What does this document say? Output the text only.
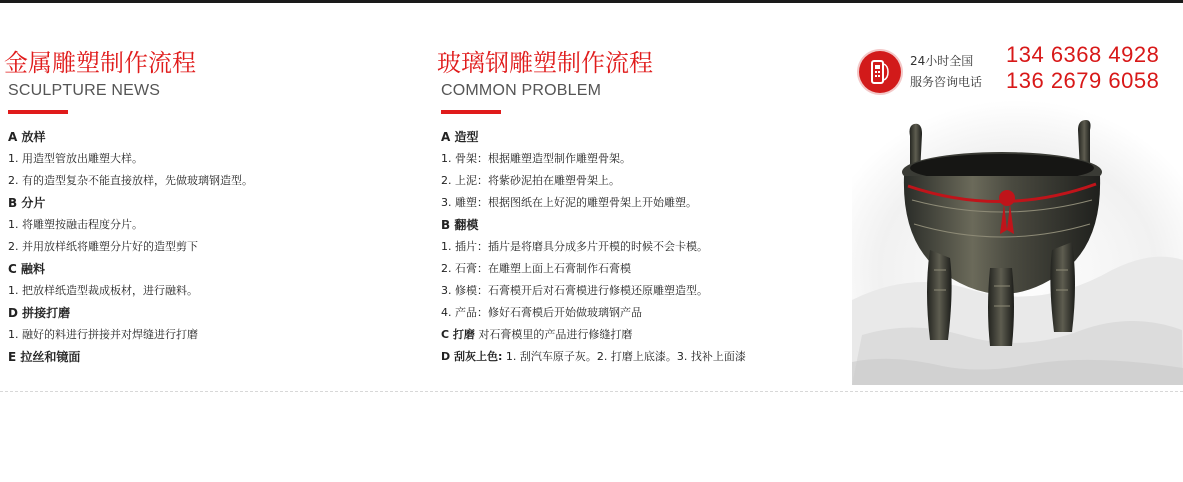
金属雕塑制作流程
SCULPTURE NEWS
A 放样
1. 用造型管放出雕塑大样。
2. 有的造型复杂不能直接放样，先做玻璃钢造型。
B 分片
1. 将雕塑按融击程度分片。
2. 并用放样纸将雕塑分片好的造型剪下
C 融料
1. 把放样纸造型裁成板材，进行融料。
D 拼接打磨
1. 融好的料进行拼接并对焊缝进行打磨
E 拉丝和镜面
玻璃钢雕塑制作流程
COMMON PROBLEM
A 造型
1. 骨架：根据雕塑造型制作雕塑骨架。
2. 上泥：将紫砂泥拍在雕塑骨架上。
3. 雕塑：根据图纸在上好泥的雕塑骨架上开始雕塑。
B 翻模
1. 插片：插片是将磨具分成多片开模的时候不会卡模。
2. 石膏：在雕塑上面上石膏制作石膏模
3. 修模：石膏模开后对石膏模进行修模还原雕塑造型。
4. 产品：修好石膏模后开始做玻璃钢产品
C 打磨 对石膏模里的产品进行修缝打磨
D 刮灰上色: 1. 刮汽车原子灰。2. 打磨上底漆。3. 找补上面漆
24小时全国
服务咨询电话
134 6368 4928
136 2679 6058
